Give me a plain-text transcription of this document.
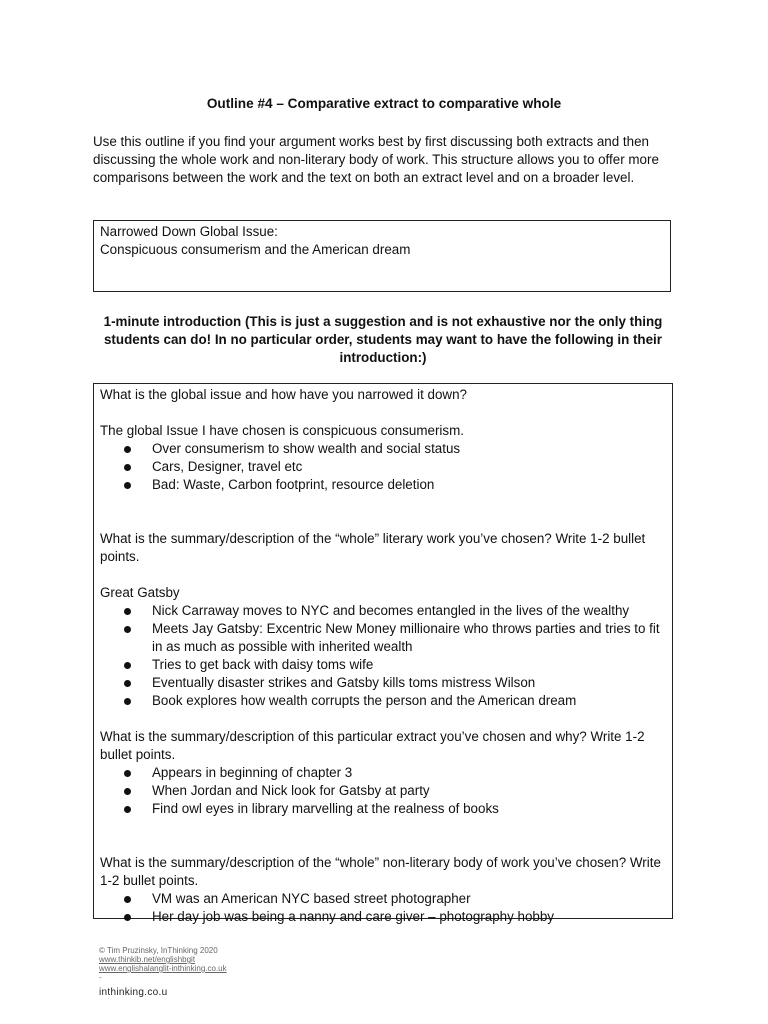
Outline #4 – Comparative extract to comparative whole
Use this outline if you find your argument works best by first discussing both extracts and then discussing the whole work and non-literary body of work. This structure allows you to offer more comparisons between the work and the text on both an extract level and on a broader level.
Narrowed Down Global Issue:
Conspicuous consumerism and the American dream
1-minute introduction (This is just a suggestion and is not exhaustive nor the only thing students can do! In no particular order, students may want to have the following in their introduction:)

What is the global issue and how have you narrowed it down?

The global Issue I have chosen is conspicuous consumerism.

Over consumerism to show wealth and social status
Cars, Designer, travel etc
Bad: Waste, Carbon footprint, resource deletion

What is the summary/description of the “whole” literary work you’ve chosen? Write 1-2 bullet points.

Great Gatsby

Nick Carraway moves to NYC and becomes entangled in the lives of the wealthy
Meets Jay Gatsby: Excentric New Money millionaire who throws parties and tries to fit in as much as possible with inherited wealth
Tries to get back with daisy toms wife
Eventually disaster strikes and Gatsby kills toms mistress Wilson
Book explores how wealth corrupts the person and the American dream

What is the summary/description of this particular extract you’ve chosen and why? Write 1-2 bullet points.

Appears in beginning of chapter 3
When Jordan and Nick look for Gatsby at party
Find owl eyes in library marvelling at the realness of books

What is the summary/description of the “whole” non-literary body of work you’ve chosen? Write 1-2 bullet points.

VM was an American NYC based street photographer
Her day job was being a nanny and care giver – photography hobby
© Tim Pruzinsky, InThinking 2020
www.thinkib.net/englishbgit
www.englishalanglit-inthinking.co.uk
-
inthinking.co.u
